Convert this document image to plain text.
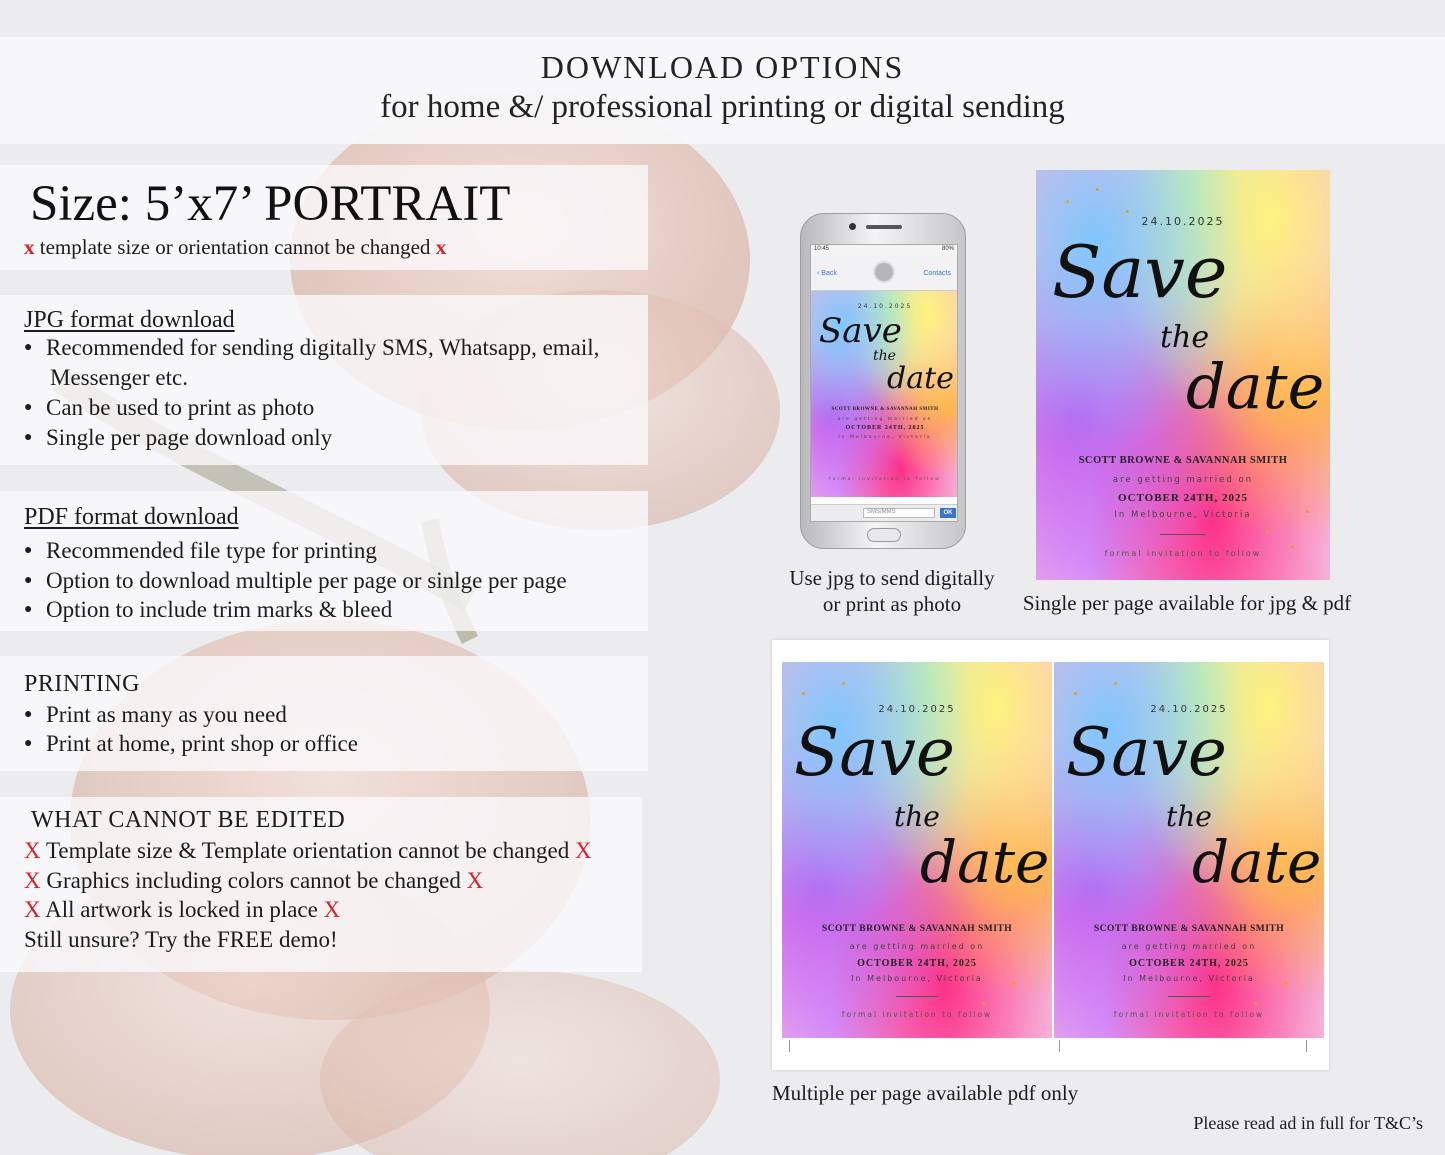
DOWNLOAD OPTIONS
for home &/ professional printing or digital sending
Size: 5’x7’ PORTRAIT
x template size or orientation cannot be changed x
JPG format download
● Recommended for sending digitally SMS, Whatsapp, email,
Messenger etc.
● Can be used to print as photo
● Single per page download only
PDF format download
● Recommended file type for printing
● Option to download multiple per page or sinlge per page
● Option to include trim marks & bleed
PRINTING
● Print as many as you need
● Print at home, print shop or office
WHAT CANNOT BE EDITED
X Template size & Template orientation cannot be changed X
X Graphics including colors cannot be changed X
X All artwork is locked in place X
Still unsure? Try the FREE demo!
10:45	80%
‹ Back	Contacts
24.10.2025
Save
the
date
SCOTT BROWNE & SAVANNAH SMITH
are getting married on
OCTOBER 24TH, 2025
In Melbourne, Victoria
formal invitation to follow
SMS/MMS	OK
Use jpg to send digitally
or print as photo
24.10.2025
Save
the
date
SCOTT BROWNE & SAVANNAH SMITH
are getting married on
OCTOBER 24TH, 2025
In Melbourne, Victoria
formal invitation to follow
Single per page available for jpg & pdf
24.10.2025
Save
the
date
SCOTT BROWNE & SAVANNAH SMITH
are getting married on
OCTOBER 24TH, 2025
In Melbourne, Victoria
formal invitation to follow
24.10.2025
Save
the
date
SCOTT BROWNE & SAVANNAH SMITH
are getting married on
OCTOBER 24TH, 2025
In Melbourne, Victoria
formal invitation to follow
Multiple per page available pdf only
Please read ad in full for T&C’s
